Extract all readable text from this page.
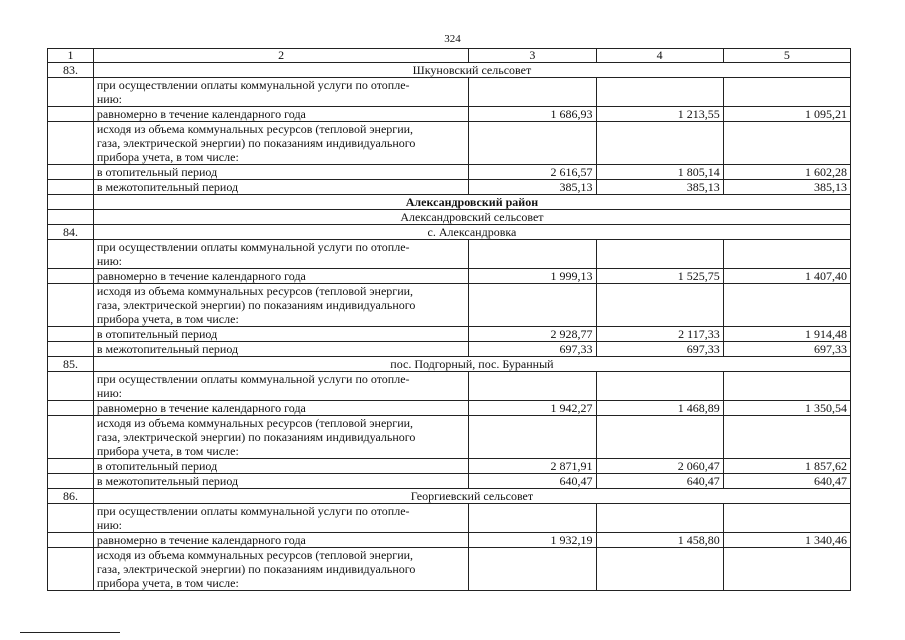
324
1	2	3	4	5
83.	Шкуновский сельсовет			
	при осуществлении оплаты коммунальной услуги по отопле-
нию:			
	равномерно в течение календарного года	1 686,93	1 213,55	1 095,21
	исходя из объема коммунальных ресурсов (тепловой энергии,
газа, электрической энергии) по показаниям индивидуального
прибора учета, в том числе:			
	в отопительный период	2 616,57	1 805,14	1 602,28
	в межотопительный период	385,13	385,13	385,13
	Александровский район			
	Александровский сельсовет			
84.	с. Александровка			
	при осуществлении оплаты коммунальной услуги по отопле-
нию:			
	равномерно в течение календарного года	1 999,13	1 525,75	1 407,40
	исходя из объема коммунальных ресурсов (тепловой энергии,
газа, электрической энергии) по показаниям индивидуального
прибора учета, в том числе:			
	в отопительный период	2 928,77	2 117,33	1 914,48
	в межотопительный период	697,33	697,33	697,33
85.	пос. Подгорный, пос. Буранный			
	при осуществлении оплаты коммунальной услуги по отопле-
нию:			
	равномерно в течение календарного года	1 942,27	1 468,89	1 350,54
	исходя из объема коммунальных ресурсов (тепловой энергии,
газа, электрической энергии) по показаниям индивидуального
прибора учета, в том числе:			
	в отопительный период	2 871,91	2 060,47	1 857,62
	в межотопительный период	640,47	640,47	640,47
86.	Георгиевский сельсовет			
	при осуществлении оплаты коммунальной услуги по отопле-
нию:			
	равномерно в течение календарного года	1 932,19	1 458,80	1 340,46
	исходя из объема коммунальных ресурсов (тепловой энергии,
газа, электрической энергии) по показаниям индивидуального
прибора учета, в том числе:			
